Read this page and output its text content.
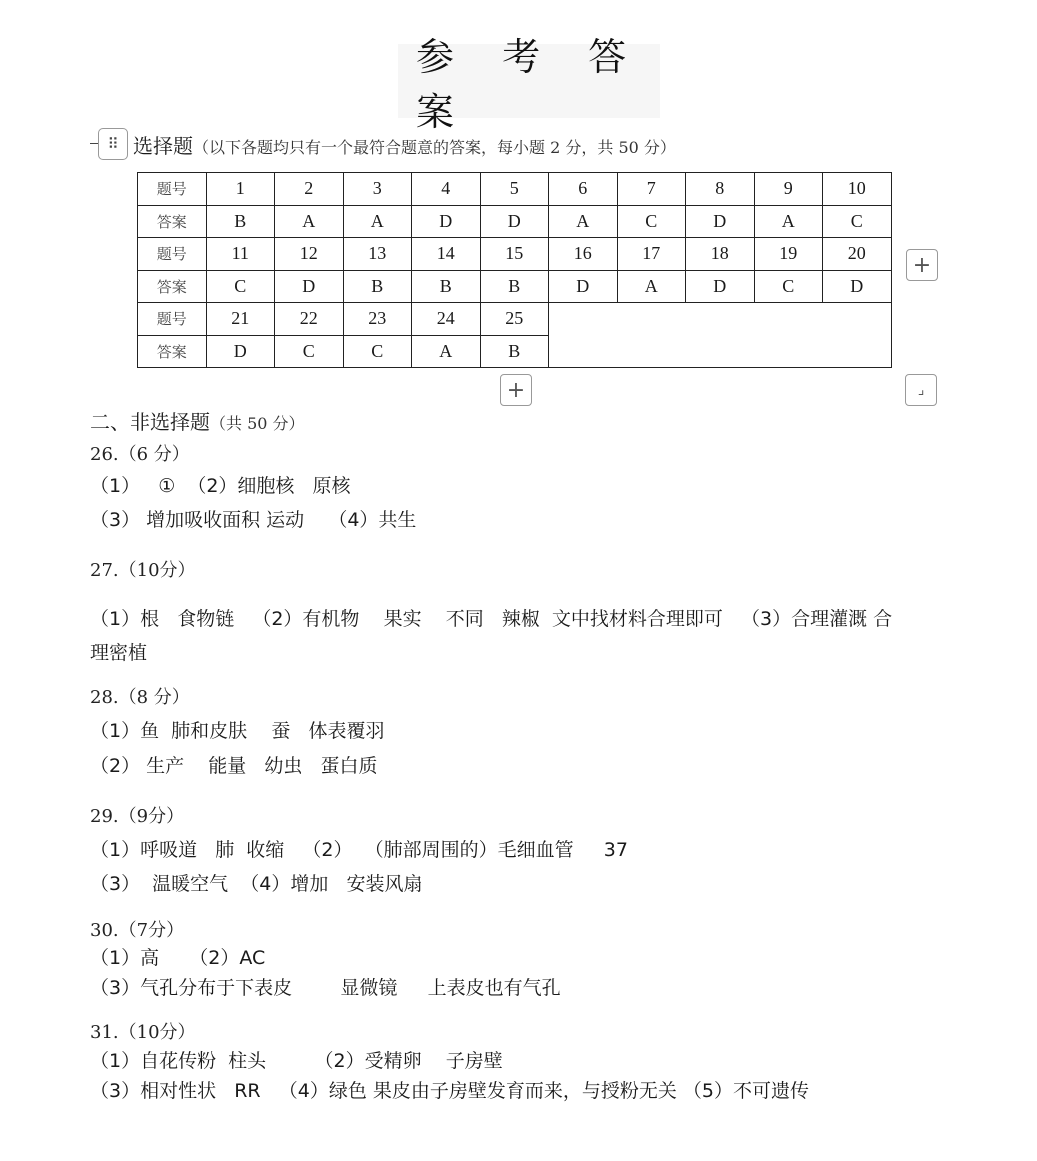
参 考 答 案
⠿ 选择题（以下各题均只有一个最符合题意的答案，每小题 2 分，共 50 分）
题号	1	2	3	4	5	6	7	8	9	10
答案	B	A	A	D	D	A	C	D	A	C
题号	11	12	13	14	15	16	17	18	19	20
答案	C	D	B	B	B	D	A	D	C	D
题号	21	22	23	24	25					
答案	D	C	C	A	B					
+
+	⌟
二、非选择题（共 50 分）
26.（6 分）
（1）   ①  （2）细胞核   原核
（3） 增加吸收面积 运动    （4）共生
27.（10分）
（1）根   食物链   （2）有机物    果实    不同   辣椒  文中找材料合理即可   （3）合理灌溉 合
理密植
28.（8 分）
（1）鱼  肺和皮肤    蚕   体表覆羽
（2） 生产    能量   幼虫   蛋白质
29.（9分）
（1）呼吸道   肺  收缩   （2）  （肺部周围的）毛细血管     37
（3）  温暖空气  （4）增加   安装风扇
30.（7分）
（1）高     （2）AC
（3）气孔分布于下表皮        显微镜     上表皮也有气孔
31.（10分）
（1）自花传粉  柱头        （2）受精卵    子房壁
（3）相对性状   RR   （4）绿色 果皮由子房壁发育而来，与授粉无关 （5）不可遗传
